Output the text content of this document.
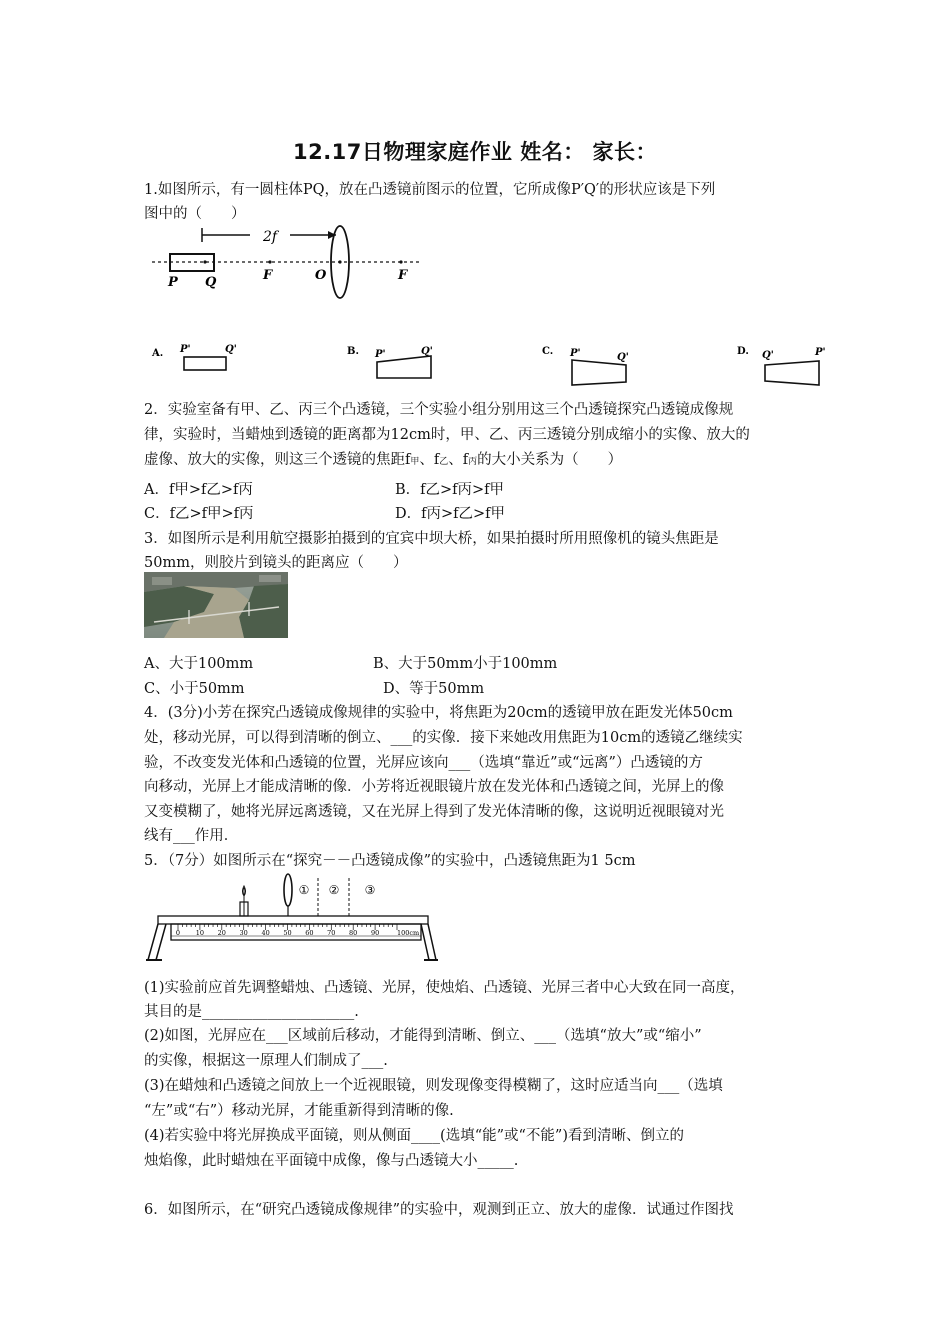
12.17日物理家庭作业 姓名： 家长：
1.如图所示，有一圆柱体PQ，放在凸透镜前图示的位置，它所成像P′Q′的形状应该是下列
图中的（　　）
2f
P Q	F	O	F
A. P'	Q'	B. P'	Q'	C. P'	Q'
D. Q'	P'
2．实验室备有甲、乙、丙三个凸透镜，三个实验小组分别用这三个凸透镜探究凸透镜成像规
律，实验时，当蜡烛到透镜的距离都为12cm时，甲、乙、丙三透镜分别成缩小的实像、放大的
虚像、放大的实像，则这三个透镜的焦距f甲、f乙、f丙的大小关系为（　　）
A．f甲>f乙>f丙	B．f乙>f丙>f甲
C．f乙>f甲>f丙	D．f丙>f乙>f甲
3．如图所示是利用航空摄影拍摄到的宜宾中坝大桥，如果拍摄时所用照像机的镜头焦距是
50mm，则胶片到镜头的距离应（　　）
A、大于100mm	B、大于50mm小于100mm
C、小于50mm	D、等于50mm
4．(3分)小芳在探究凸透镜成像规律的实验中，将焦距为20cm的透镜甲放在距发光体50cm
处，移动光屏，可以得到清晰的倒立、___的实像．接下来她改用焦距为10cm的透镜乙继续实
验，不改变发光体和凸透镜的位置，光屏应该向___（选填“靠近”或“远离”）凸透镜的方
向移动，光屏上才能成清晰的像．小芳将近视眼镜片放在发光体和凸透镜之间，光屏上的像
又变模糊了，她将光屏远离透镜，又在光屏上得到了发光体清晰的像，这说明近视眼镜对光
线有___作用．
5．（7分）如图所示在“探究－－凸透镜成像”的实验中，凸透镜焦距为1 5cm
① ② ③
0 10 20 30 40 50 60 70 80 90	100cm
(1)实验前应首先调整蜡烛、凸透镜、光屏，使烛焰、凸透镜、光屏三者中心大致在同一高度，
其目的是_____________________.
(2)如图，光屏应在___区域前后移动，才能得到清晰、倒立、___（选填“放大”或“缩小”
的实像，根据这一原理人们制成了___.
(3)在蜡烛和凸透镜之间放上一个近视眼镜，则发现像变得模糊了，这时应适当向___（选填
“左”或“右”）移动光屏，才能重新得到清晰的像.
(4)若实验中将光屏换成平面镜，则从侧面____(选填“能”或“不能”)看到清晰、倒立的
烛焰像，此时蜡烛在平面镜中成像，像与凸透镜大小_____.
6．如图所示，在“研究凸透镜成像规律”的实验中，观测到正立、放大的虚像．试通过作图找
